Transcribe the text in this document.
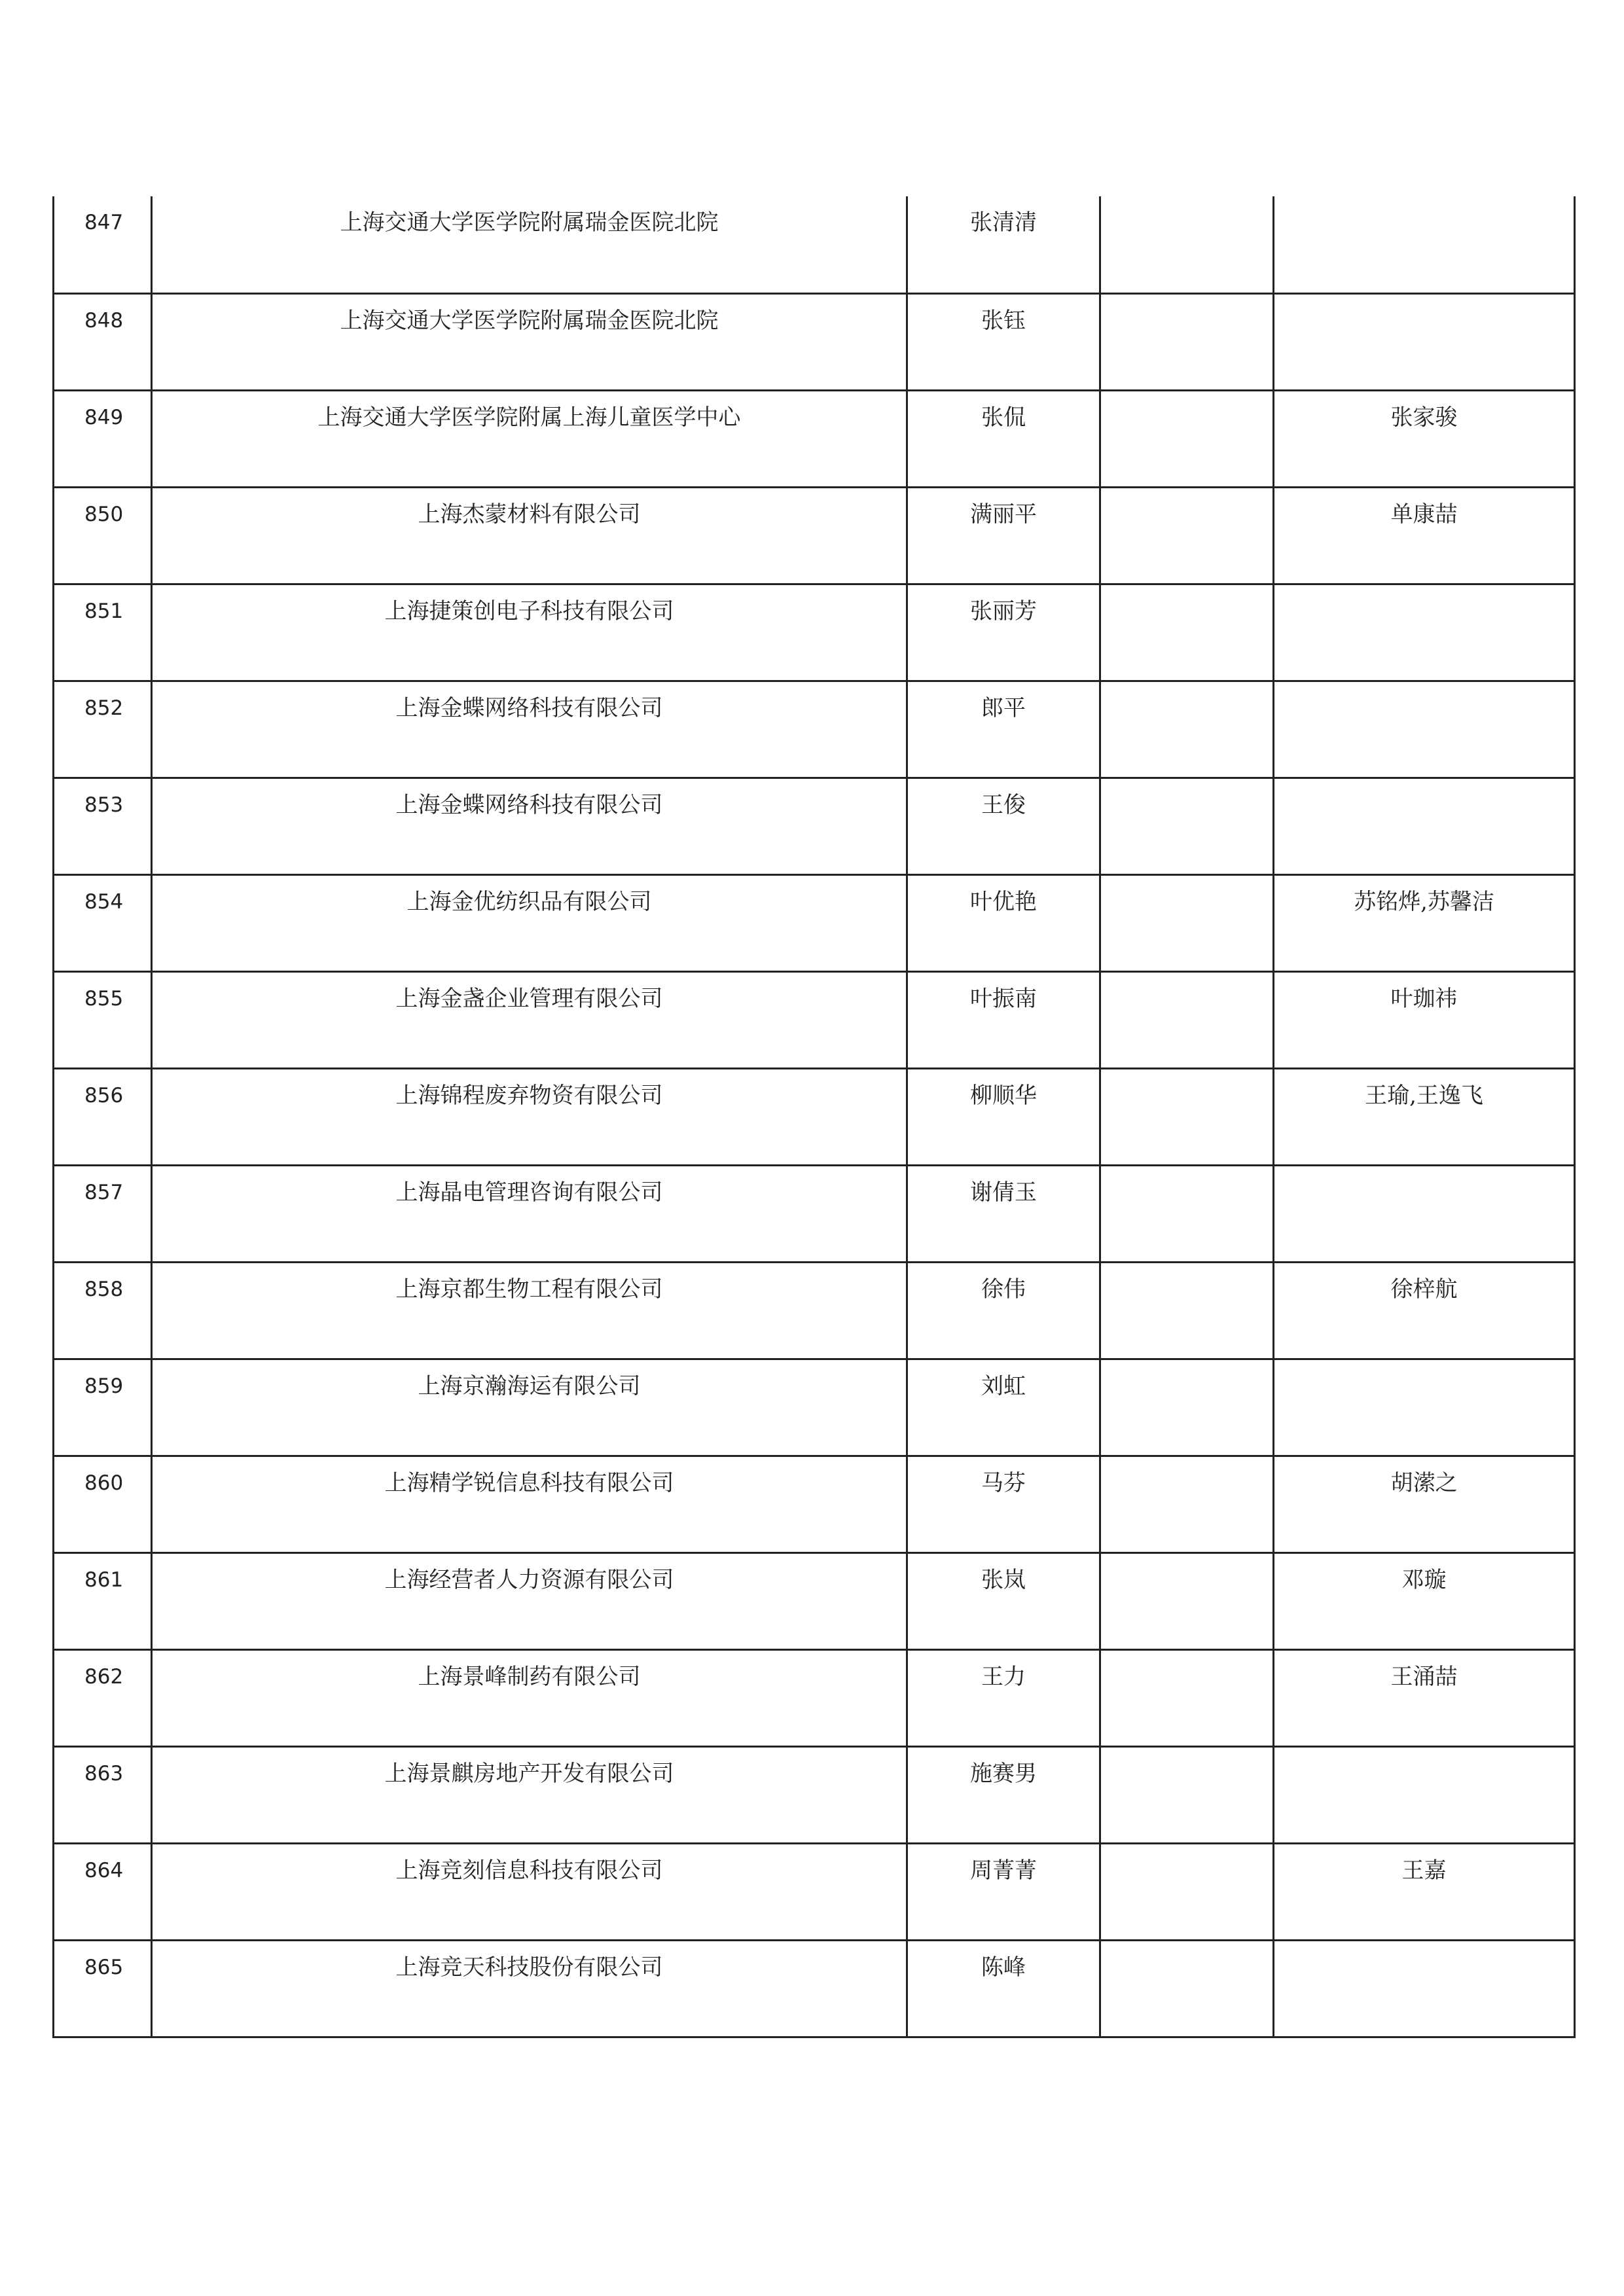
847	上海交通大学医学院附属瑞金医院北院	张清清		
848	上海交通大学医学院附属瑞金医院北院	张钰		
849	上海交通大学医学院附属上海儿童医学中心	张侃		张家骏
850	上海杰蒙材料有限公司	满丽平		单康喆
851	上海捷策创电子科技有限公司	张丽芳		
852	上海金蝶网络科技有限公司	郎平		
853	上海金蝶网络科技有限公司	王俊		
854	上海金优纺织品有限公司	叶优艳		苏铭烨,苏馨洁
855	上海金盏企业管理有限公司	叶振南		叶珈祎
856	上海锦程废弃物资有限公司	柳顺华		王瑜,王逸飞
857	上海晶电管理咨询有限公司	谢倩玉		
858	上海京都生物工程有限公司	徐伟		徐梓航
859	上海京瀚海运有限公司	刘虹		
860	上海精学锐信息科技有限公司	马芬		胡潆之
861	上海经营者人力资源有限公司	张岚		邓璇
862	上海景峰制药有限公司	王力		王涌喆
863	上海景麒房地产开发有限公司	施赛男		
864	上海竞刻信息科技有限公司	周菁菁		王嘉
865	上海竞天科技股份有限公司	陈峰		
